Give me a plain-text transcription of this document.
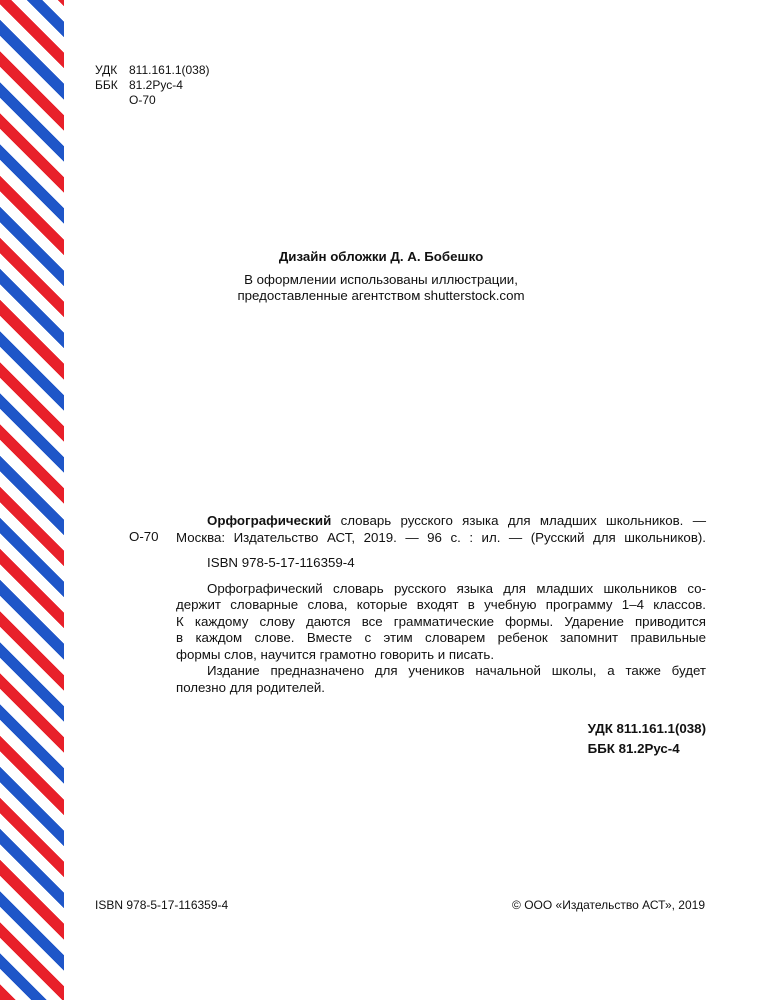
УДК 811.161.1(038)
ББК 81.2Рус-4
О-70
Дизайн обложки Д. А. Бобешко
В оформлении использованы иллюстрации,
предоставленные агентством shutterstock.com
О-70
Орфографический словарь русского языка для младших школьников. —
Москва: Издательство АСТ, 2019. — 96 с. : ил. — (Русский для школьников).
ISBN 978-5-17-116359-4
Орфографический словарь русского языка для младших школьников со-
держит словарные слова, которые входят в учебную программу 1–4 классов.
К каждому слову даются все грамматические формы. Ударение приводится
в каждом слове. Вместе с этим словарем ребенок запомнит правильные
формы слов, научится грамотно говорить и писать.
Издание предназначено для учеников начальной школы, а также будет
полезно для родителей.
УДК 811.161.1(038)
ББК 81.2Рус-4
ISBN 978-5-17-116359-4	© ООО «Издательство АСТ», 2019
